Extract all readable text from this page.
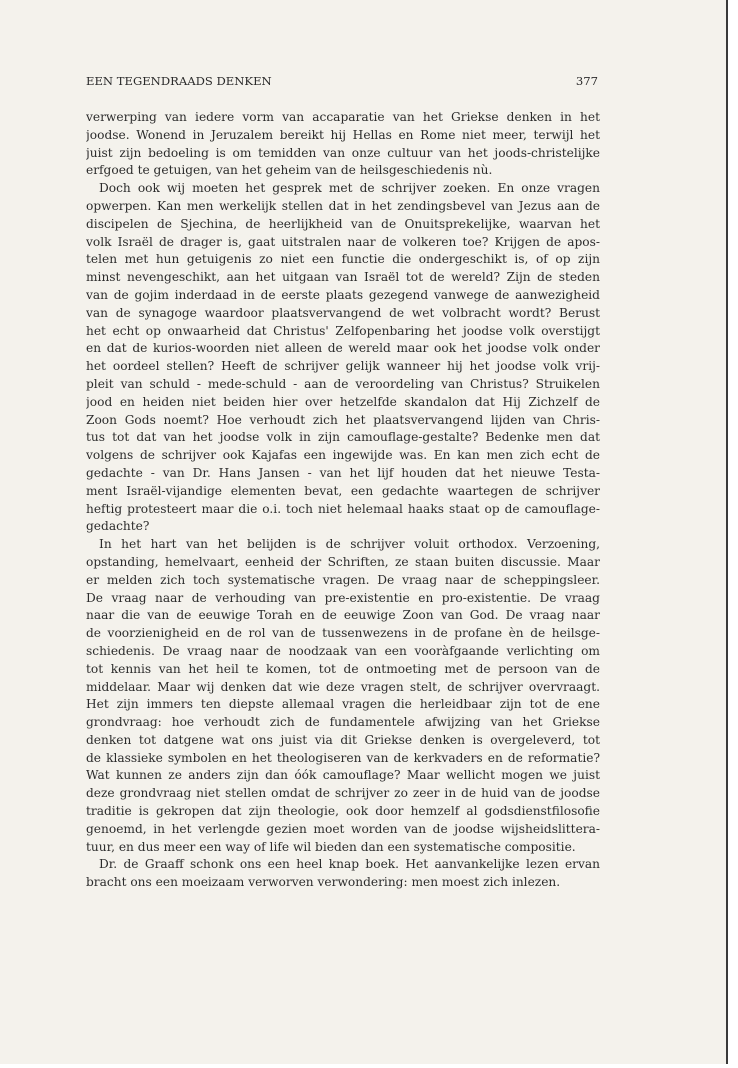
EEN TEGENDRAADS DENKEN	377
verwerping van iedere vorm van accaparatie van het Griekse denken in het
joodse. Wonend in Jeruzalem bereikt hij Hellas en Rome niet meer, terwijl het
juist zijn bedoeling is om temidden van onze cultuur van het joods-christelijke
erfgoed te getuigen, van het geheim van de heilsgeschiedenis nù.
Doch ook wij moeten het gesprek met de schrijver zoeken. En onze vragen
opwerpen. Kan men werkelijk stellen dat in het zendingsbevel van Jezus aan de
discipelen de Sjechina, de heerlijkheid van de Onuitsprekelijke, waarvan het
volk Israël de drager is, gaat uitstralen naar de volkeren toe? Krijgen de apos-
telen met hun getuigenis zo niet een functie die ondergeschikt is, of op zijn
minst nevengeschikt, aan het uitgaan van Israël tot de wereld? Zijn de steden
van de gojim inderdaad in de eerste plaats gezegend vanwege de aanwezigheid
van de synagoge waardoor plaatsvervangend de wet volbracht wordt? Berust
het echt op onwaarheid dat Christus' Zelfopenbaring het joodse volk overstijgt
en dat de kurios-woorden niet alleen de wereld maar ook het joodse volk onder
het oordeel stellen? Heeft de schrijver gelijk wanneer hij het joodse volk vrij-
pleit van schuld - mede-schuld - aan de veroordeling van Christus? Struikelen
jood en heiden niet beiden hier over hetzelfde skandalon dat Hij Zichzelf de
Zoon Gods noemt? Hoe verhoudt zich het plaatsvervangend lijden van Chris-
tus tot dat van het joodse volk in zijn camouflage-gestalte? Bedenke men dat
volgens de schrijver ook Kajafas een ingewijde was. En kan men zich echt de
gedachte - van Dr. Hans Jansen - van het lijf houden dat het nieuwe Testa-
ment Israël-vijandige elementen bevat, een gedachte waartegen de schrijver
heftig protesteert maar die o.i. toch niet helemaal haaks staat op de camouflage-
gedachte?
In het hart van het belijden is de schrijver voluit orthodox. Verzoening,
opstanding, hemelvaart, eenheid der Schriften, ze staan buiten discussie. Maar
er melden zich toch systematische vragen. De vraag naar de scheppingsleer.
De vraag naar de verhouding van pre-existentie en pro-existentie. De vraag
naar die van de eeuwige Torah en de eeuwige Zoon van God. De vraag naar
de voorzienigheid en de rol van de tussenwezens in de profane èn de heilsge-
schiedenis. De vraag naar de noodzaak van een vooràfgaande verlichting om
tot kennis van het heil te komen, tot de ontmoeting met de persoon van de
middelaar. Maar wij denken dat wie deze vragen stelt, de schrijver overvraagt.
Het zijn immers ten diepste allemaal vragen die herleidbaar zijn tot de ene
grondvraag: hoe verhoudt zich de fundamentele afwijzing van het Griekse
denken tot datgene wat ons juist via dit Griekse denken is overgeleverd, tot
de klassieke symbolen en het theologiseren van de kerkvaders en de reformatie?
Wat kunnen ze anders zijn dan óók camouflage? Maar wellicht mogen we juist
deze grondvraag niet stellen omdat de schrijver zo zeer in de huid van de joodse
traditie is gekropen dat zijn theologie, ook door hemzelf al godsdienstfilosofie
genoemd, in het verlengde gezien moet worden van de joodse wijsheidslittera-
tuur, en dus meer een way of life wil bieden dan een systematische compositie.
Dr. de Graaff schonk ons een heel knap boek. Het aanvankelijke lezen ervan
bracht ons een moeizaam verworven verwondering: men moest zich inlezen.
